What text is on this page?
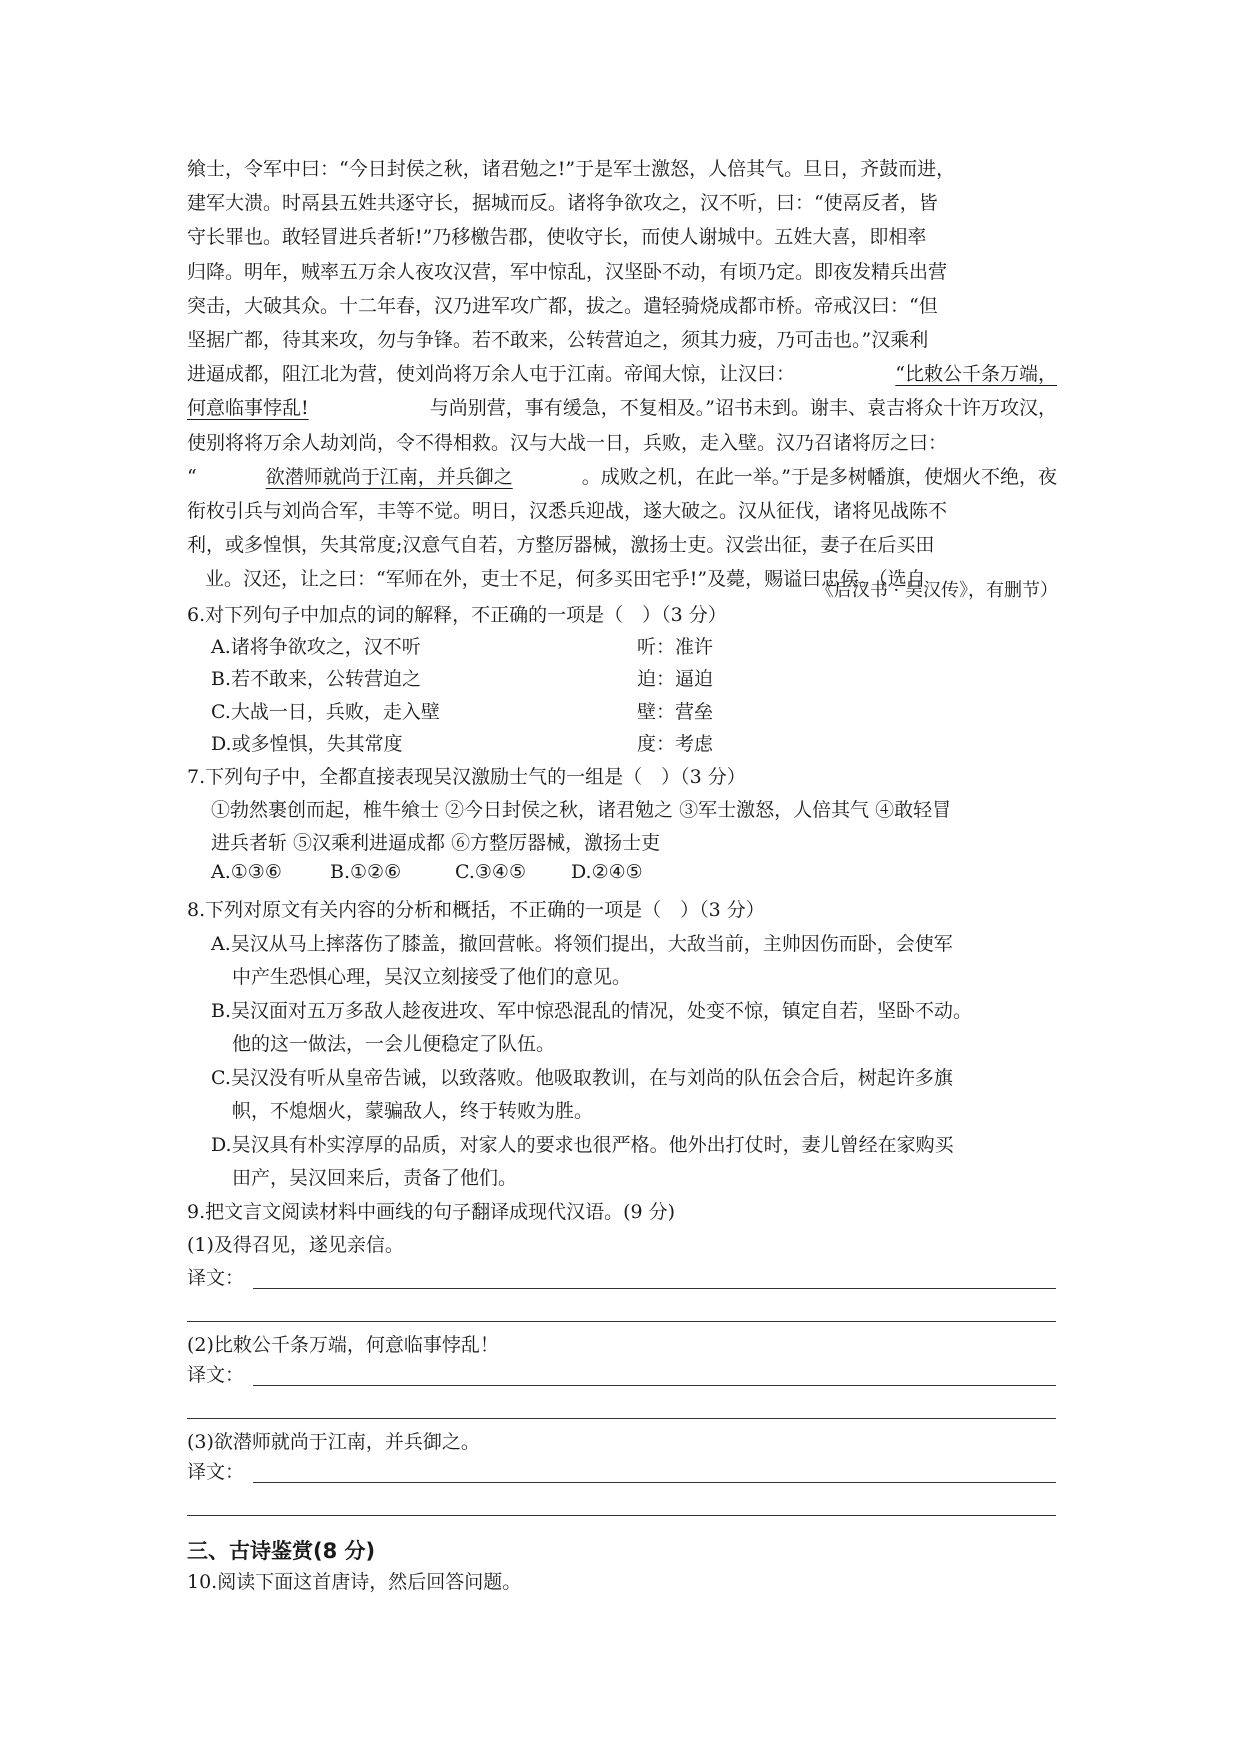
飨士，令军中曰：“今日封侯之秋，诸君勉之!”于是军士激怒，人倍其气。旦日，齐鼓而进，
建军大溃。时鬲县五姓共逐守长，据城而反。诸将争欲攻之，汉不听，曰：“使鬲反者，皆
守长罪也。敢轻冒进兵者斩!”乃移檄告郡，使收守长，而使人谢城中。五姓大喜，即相率
归降。明年，贼率五万余人夜攻汉营，军中惊乱，汉坚卧不动，有顷乃定。即夜发精兵出营
突击，大破其众。十二年春，汉乃进军攻广都，拔之。遣轻骑烧成都市桥。帝戒汉曰：“但
坚据广都，待其来攻，勿与争锋。若不敢来，公转营迫之，须其力疲，乃可击也。”汉乘利
进逼成都，阻江北为营，使刘尚将万余人屯于江南。帝闻大惊，让汉曰：	“比敕公千条万端，
何意临事悖乱!	与尚别营，事有缓急，不复相及。”诏书未到。谢丰、袁吉将众十许万攻汉，
使别将将万余人劫刘尚，令不得相救。汉与大战一日，兵败，走入壁。汉乃召诸将厉之曰：
“	欲潜师就尚于江南，并兵御之	。成败之机，在此一举。”于是多树幡旗，使烟火不绝，夜
衔枚引兵与刘尚合军，丰等不觉。明日，汉悉兵迎战，遂大破之。汉从征伐，诸将见战陈不
利，或多惶惧，失其常度;汉意气自若，方整厉器械，激扬士吏。汉尝出征，妻子在后买田
业。汉还，让之曰：“军师在外，吏士不足，何多买田宅乎!”及薨，赐谥曰忠侯。（选自
《后汉书 · 吴汉传》，有删节）
6.对下列句子中加点的词的解释，不正确的一项是（　）（3 分）
A.诸将争欲攻之，汉不听	听：准许
B.若不敢来，公转营迫之	迫：逼迫
C.大战一日，兵败，走入壁	壁：营垒
D.或多惶惧，失其常度	度：考虑
7.下列句子中，全都直接表现吴汉激励士气的一组是（　）（3 分）
①勃然裹创而起，椎牛飨士 ②今日封侯之秋，诸君勉之 ③军士激怒，人倍其气 ④敢轻冒
进兵者斩 ⑤汉乘利进逼成都 ⑥方整厉器械，激扬士吏
A.①③⑥	B.①②⑥	C.③④⑤ D.②④⑤
8.下列对原文有关内容的分析和概括，不正确的一项是（　）（3 分）
A.吴汉从马上摔落伤了膝盖，撤回营帐。将领们提出，大敌当前，主帅因伤而卧，会使军
中产生恐惧心理，吴汉立刻接受了他们的意见。
B.吴汉面对五万多敌人趁夜进攻、军中惊恐混乱的情况，处变不惊，镇定自若，坚卧不动。
他的这一做法，一会儿便稳定了队伍。
C.吴汉没有听从皇帝告诫，以致落败。他吸取教训，在与刘尚的队伍会合后，树起许多旗
帜，不熄烟火，蒙骗敌人，终于转败为胜。
D.吴汉具有朴实淳厚的品质，对家人的要求也很严格。他外出打仗时，妻儿曾经在家购买
田产，吴汉回来后，责备了他们。
9.把文言文阅读材料中画线的句子翻译成现代汉语。(9 分)
(1)及得召见，遂见亲信。
译文：
(2)比敕公千条万端，何意临事悖乱！
译文：
(3)欲潜师就尚于江南，并兵御之。
译文：
三、古诗鉴赏(8 分)
10.阅读下面这首唐诗，然后回答问题。
